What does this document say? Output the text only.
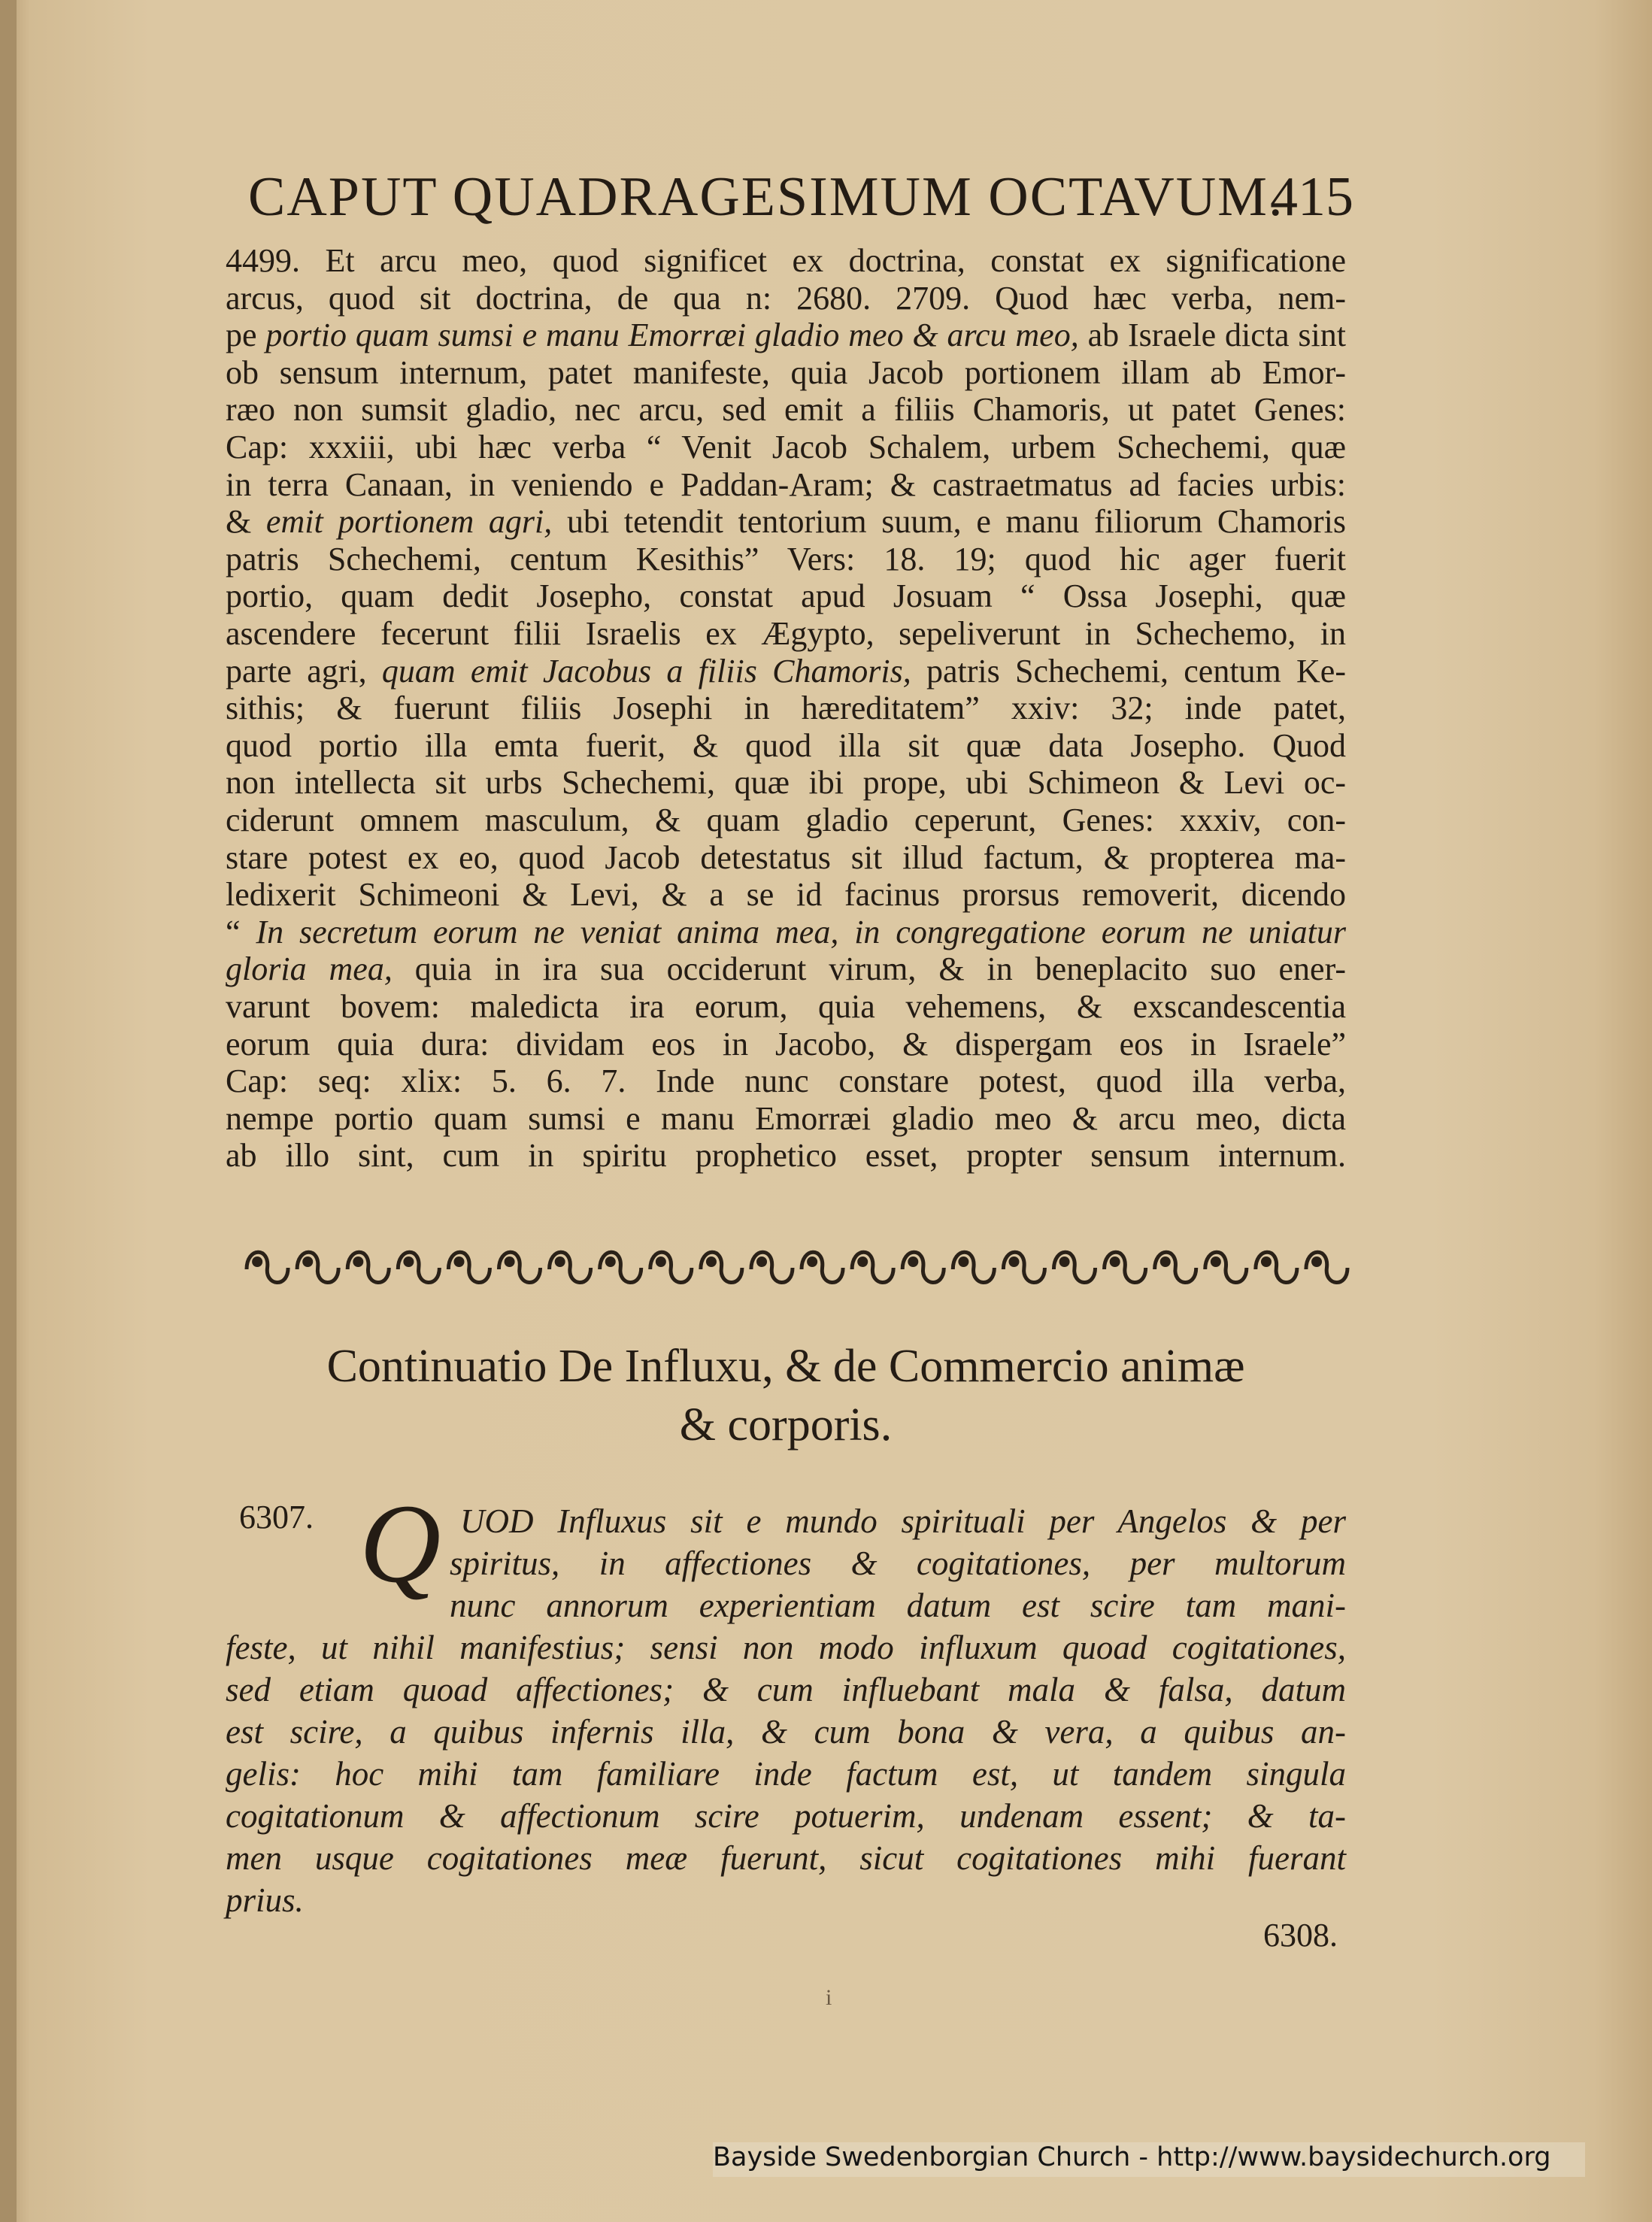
CAPUT QUADRAGESIMUM OCTAVUM.
415
4499. Et arcu meo, quod significet ex doctrina, constat ex significatione
arcus, quod sit doctrina, de qua n: 2680. 2709. Quod hæc verba, nem-
pe portio quam sumsi e manu Emorræi gladio meo & arcu meo, ab Israele dicta sint
ob sensum internum, patet manifeste, quia Jacob portionem illam ab Emor-
ræo non sumsit gladio, nec arcu, sed emit a filiis Chamoris, ut patet Genes:
Cap: xxxiii, ubi hæc verba “ Venit Jacob Schalem, urbem Schechemi, quæ
in terra Canaan, in veniendo e Paddan-Aram; & castraetmatus ad facies urbis:
& emit portionem agri, ubi tetendit tentorium suum, e manu filiorum Chamoris
patris Schechemi, centum Kesithis” Vers: 18. 19; quod hic ager fuerit
portio, quam dedit Josepho, constat apud Josuam “ Ossa Josephi, quæ
ascendere fecerunt filii Israelis ex Ægypto, sepeliverunt in Schechemo, in
parte agri, quam emit Jacobus a filiis Chamoris, patris Schechemi, centum Ke-
sithis; & fuerunt filiis Josephi in hæreditatem” xxiv: 32; inde patet,
quod portio illa emta fuerit, & quod illa sit quæ data Josepho. Quod
non intellecta sit urbs Schechemi, quæ ibi prope, ubi Schimeon & Levi oc-
ciderunt omnem masculum, & quam gladio ceperunt, Genes: xxxiv, con-
stare potest ex eo, quod Jacob detestatus sit illud factum, & propterea ma-
ledixerit Schimeoni & Levi, & a se id facinus prorsus removerit, dicendo
“ In secretum eorum ne veniat anima mea, in congregatione eorum ne uniatur
gloria mea, quia in ira sua occiderunt virum, & in beneplacito suo ener-
varunt bovem: maledicta ira eorum, quia vehemens, & exscandescentia
eorum quia dura: dividam eos in Jacobo, & dispergam eos in Israele”
Cap: seq: xlix: 5. 6. 7. Inde nunc constare potest, quod illa verba,
nempe portio quam sumsi e manu Emorræi gladio meo & arcu meo, dicta
ab illo sint, cum in spiritu prophetico esset, propter sensum internum.
Continuatio De Influxu, & de Commercio animæ
& corporis.
6307. Q UOD Influxus sit e mundo spirituali per Angelos & per
spiritus, in affectiones & cogitationes, per multorum
nunc annorum experientiam datum est scire tam mani-
feste, ut nihil manifestius; sensi non modo influxum quoad cogitationes,
sed etiam quoad affectiones; & cum influebant mala & falsa, datum
est scire, a quibus infernis illa, & cum bona & vera, a quibus an-
gelis: hoc mihi tam familiare inde factum est, ut tandem singula
cogitationum & affectionum scire potuerim, undenam essent; & ta-
men usque cogitationes meæ fuerunt, sicut cogitationes mihi fuerant
prius.
6308.
i
Bayside Swedenborgian Church - http://www.baysidechurch.org
